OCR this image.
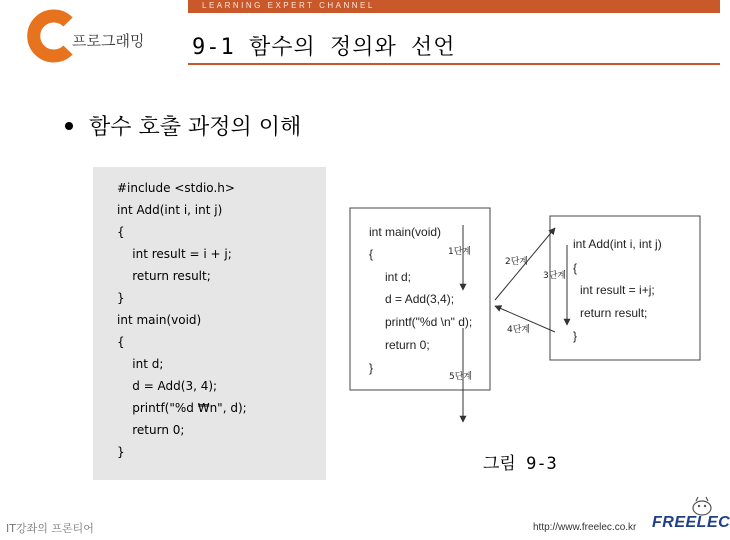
LEARNING EXPERT CHANNEL
프로그래밍 9-1 함수의 정의와 선언
함수 호출 과정의 이해
#include <stdio.h>
int Add(int i, int j)
{
int result = i + j;
return result;
}
int main(void)
{
int d;
d = Add(3, 4);
printf("%d ₩n", d);
return 0;
}
int main(void)
{
int d;
d = Add(3,4);
printf("%d \n" d);
return 0;
}
int Add(int i, int j)
{
int result = i+j;
return result;
}
1단계
2단계
3단계
4단계
5단계
그림 9-3
IT강좌의 프론티어	http://www.freelec.co.kr FREELEC
